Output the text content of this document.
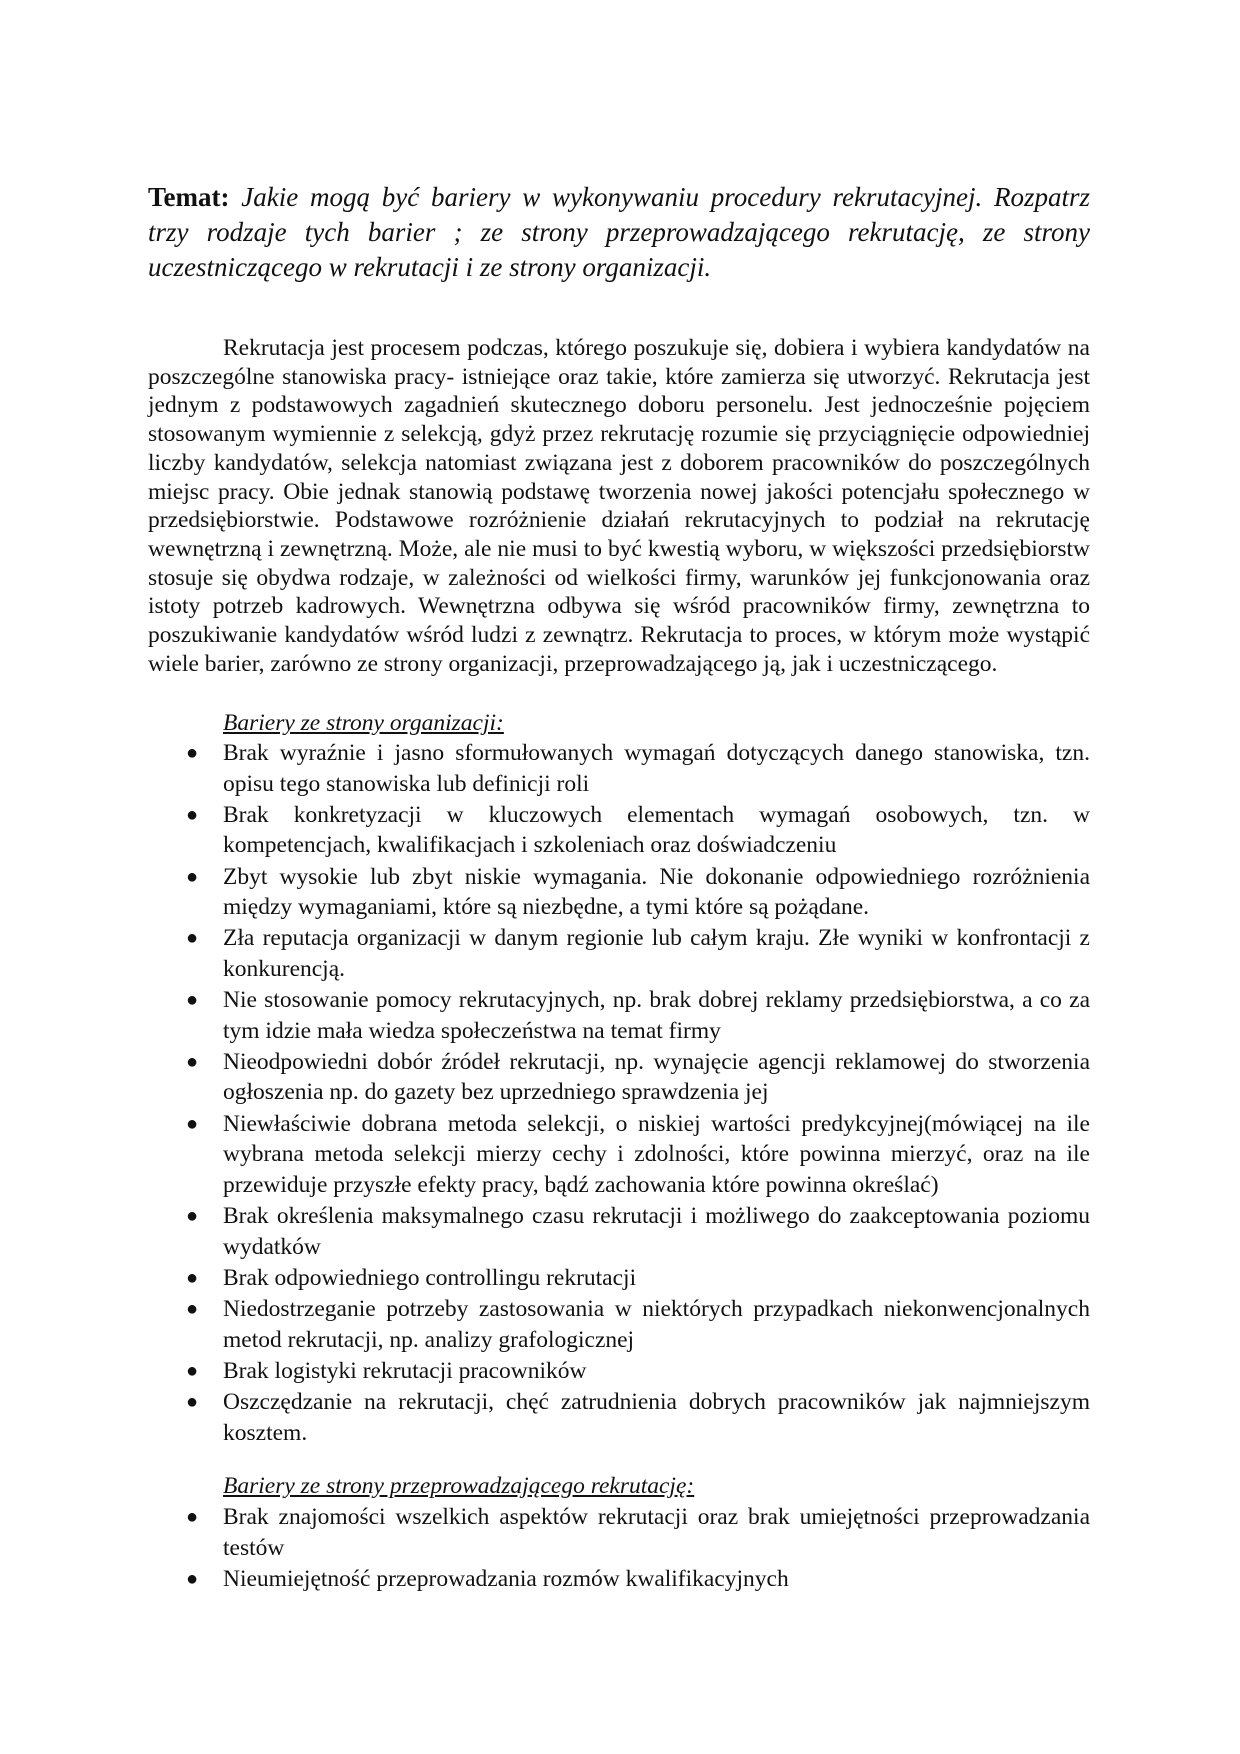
Temat: Jakie mogą być bariery w wykonywaniu procedury rekrutacyjnej. Rozpatrz trzy rodzaje tych barier ; ze strony przeprowadzającego rekrutację, ze strony uczestniczącego w rekrutacji i ze strony organizacji.

Rekrutacja jest procesem podczas, którego poszukuje się, dobiera i wybiera kandydatów na poszczególne stanowiska pracy- istniejące oraz takie, które zamierza się utworzyć. Rekrutacja jest jednym z podstawowych zagadnień skutecznego doboru personelu. Jest jednocześnie pojęciem stosowanym wymiennie z selekcją, gdyż przez rekrutację rozumie się przyciągnięcie odpowiedniej liczby kandydatów, selekcja natomiast związana jest z doborem pracowników do poszczególnych miejsc pracy. Obie jednak stanowią podstawę tworzenia nowej jakości potencjału społecznego w przedsiębiorstwie. Podstawowe rozróżnienie działań rekrutacyjnych to podział na rekrutację wewnętrzną i zewnętrzną. Może, ale nie musi to być kwestią wyboru, w większości przedsiębiorstw stosuje się obydwa rodzaje, w zależności od wielkości firmy, warunków jej funkcjonowania oraz istoty potrzeb kadrowych. Wewnętrzna odbywa się wśród pracowników firmy, zewnętrzna to poszukiwanie kandydatów wśród ludzi z zewnątrz. Rekrutacja to proces, w którym może wystąpić wiele barier, zarówno ze strony organizacji, przeprowadzającego ją, jak i uczestniczącego.

Bariery ze strony organizacji:
● Brak wyraźnie i jasno sformułowanych wymagań dotyczących danego stanowiska, tzn. opisu tego stanowiska lub definicji roli
● Brak konkretyzacji w kluczowych elementach wymagań osobowych, tzn. w kompetencjach, kwalifikacjach i szkoleniach oraz doświadczeniu
● Zbyt wysokie lub zbyt niskie wymagania. Nie dokonanie odpowiedniego rozróżnienia między wymaganiami, które są niezbędne, a tymi które są pożądane.
● Zła reputacja organizacji w danym regionie lub całym kraju. Złe wyniki w konfrontacji z konkurencją.
● Nie stosowanie pomocy rekrutacyjnych, np. brak dobrej reklamy przedsiębiorstwa, a co za tym idzie mała wiedza społeczeństwa na temat firmy
● Nieodpowiedni dobór źródeł rekrutacji, np. wynajęcie agencji reklamowej do stworzenia ogłoszenia np. do gazety bez uprzedniego sprawdzenia jej
● Niewłaściwie dobrana metoda selekcji, o niskiej wartości predykcyjnej(mówiącej na ile wybrana metoda selekcji mierzy cechy i zdolności, które powinna mierzyć, oraz na ile przewiduje przyszłe efekty pracy, bądź zachowania które powinna określać)
● Brak określenia maksymalnego czasu rekrutacji i możliwego do zaakceptowania poziomu wydatków
● Brak odpowiedniego controllingu rekrutacji
● Niedostrzeganie potrzeby zastosowania w niektórych przypadkach niekonwencjonalnych metod rekrutacji, np. analizy grafologicznej
● Brak logistyki rekrutacji pracowników
● Oszczędzanie na rekrutacji, chęć zatrudnienia dobrych pracowników jak najmniejszym kosztem.
Bariery ze strony przeprowadzającego rekrutację:
● Brak znajomości wszelkich aspektów rekrutacji oraz brak umiejętności przeprowadzania testów
● Nieumiejętność przeprowadzania rozmów kwalifikacyjnych
